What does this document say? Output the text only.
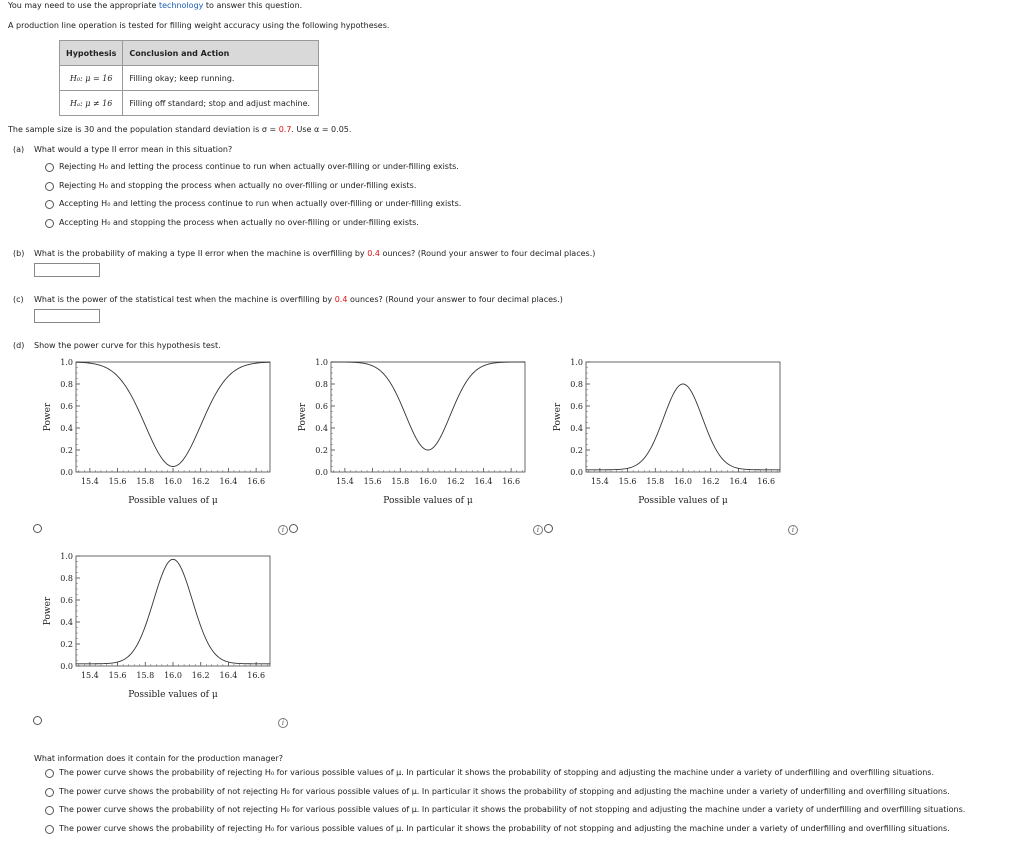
You may need to use the appropriate technology to answer this question.
A production line operation is tested for filling weight accuracy using the following hypotheses.
Hypothesis	Conclusion and Action
H₀: μ = 16	Filling okay; keep running.
Hₐ: μ ≠ 16	Filling off standard; stop and adjust machine.
The sample size is 30 and the population standard deviation is σ = 0.7. Use α = 0.05.
(a) What would a type II error mean in this situation?
Rejecting H₀ and letting the process continue to run when actually over-filling or under-filling exists.
Rejecting H₀ and stopping the process when actually no over-filling or under-filling exists.
Accepting H₀ and letting the process continue to run when actually over-filling or under-filling exists.
Accepting H₀ and stopping the process when actually no over-filling or under-filling exists.
(b) What is the probability of making a type II error when the machine is overfilling by 0.4 ounces? (Round your answer to four decimal places.)
(c) What is the power of the statistical test when the machine is overfilling by 0.4 ounces? (Round your answer to four decimal places.)
(d) Show the power curve for this hypothesis test.
0.0
0.2
0.4
0.6
0.8
1.0
15.4 15.6 15.8 16.0 16.2 16.4 16.6
Possible values of μ
Power
0.0
0.2
0.4
0.6
0.8
1.0
15.4 15.6 15.8 16.0 16.2 16.4 16.6
Possible values of μ
Power
0.0
0.2
0.4
0.6
0.8
1.0
15.4 15.6 15.8 16.0 16.2 16.4 16.6
Possible values of μ
Power
0.0
0.2
0.4
0.6
0.8
1.0
15.4 15.6 15.8 16.0 16.2 16.4 16.6
Possible values of μ
Power
i	i	i
i
What information does it contain for the production manager?
The power curve shows the probability of rejecting H₀ for various possible values of μ. In particular it shows the probability of stopping and adjusting the machine under a variety of underfilling and overfilling situations.
The power curve shows the probability of not rejecting H₀ for various possible values of μ. In particular it shows the probability of stopping and adjusting the machine under a variety of underfilling and overfilling situations.
The power curve shows the probability of not rejecting H₀ for various possible values of μ. In particular it shows the probability of not stopping and adjusting the machine under a variety of underfilling and overfilling situations.
The power curve shows the probability of rejecting H₀ for various possible values of μ. In particular it shows the probability of not stopping and adjusting the machine under a variety of underfilling and overfilling situations.
